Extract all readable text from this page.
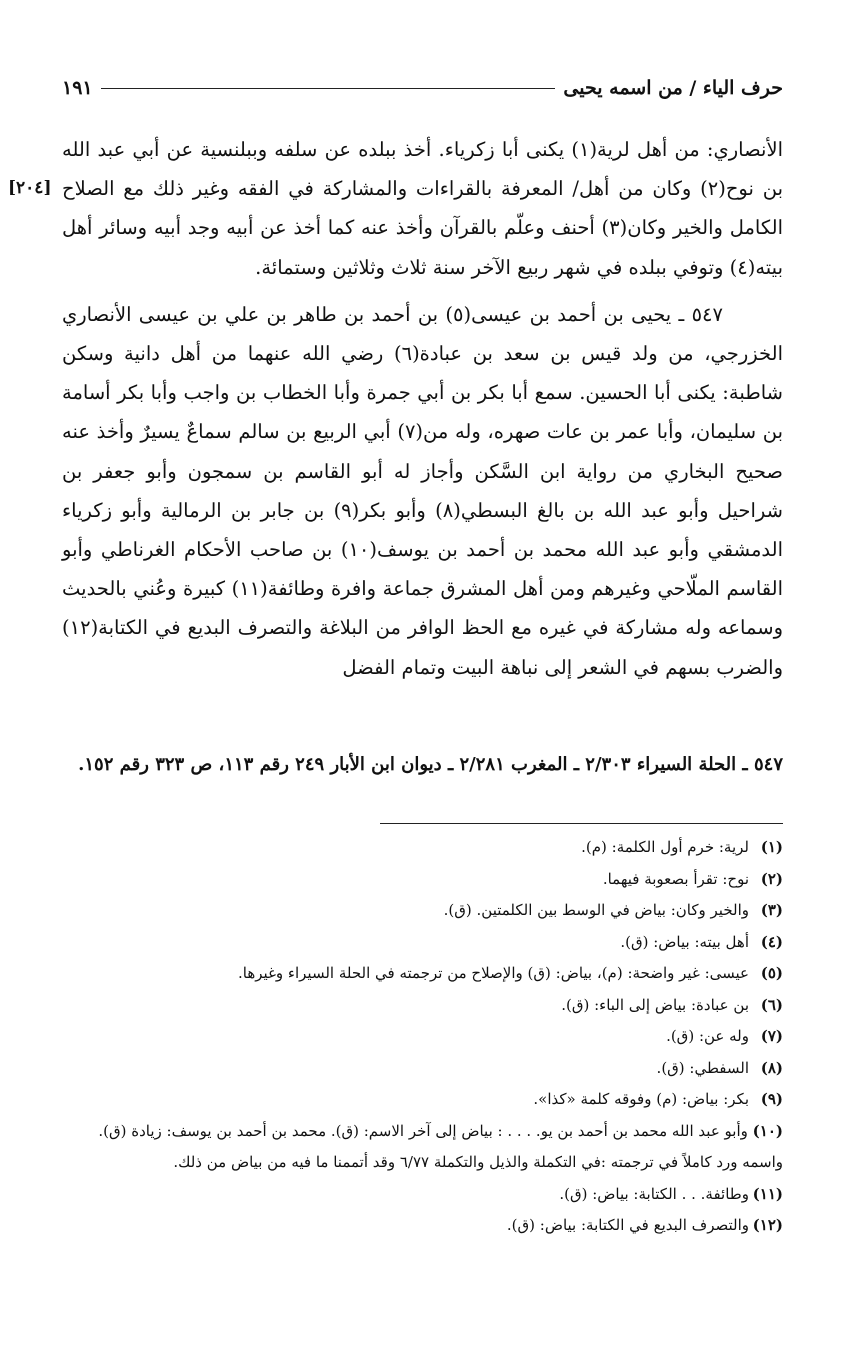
حرف الياء / من اسمه يحيى
١٩١
[٢٠٤]

الأنصاري: من أهل لرية(١) يكنى أبا زكرياء. أخذ ببلده عن سلفه وببلنسية عن أبي عبد الله بن نوح(٢) وكان من أهل/ المعرفة بالقراءات والمشاركة في الفقه وغير ذلك مع الصلاح الكامل والخير وكان(٣) أحنف وعلّم بالقرآن وأخذ عنه كما أخذ عن أبيه وجد أبيه وسائر أهل بيته(٤) وتوفي ببلده في شهر ربيع الآخر سنة ثلاث وثلاثين وستمائة.

٥٤٧ ـ يحيى بن أحمد بن عيسى(٥) بن أحمد بن طاهر بن علي بن عيسى الأنصاري الخزرجي، من ولد قيس بن سعد بن عبادة(٦) رضي الله عنهما من أهل دانية وسكن شاطبة: يكنى أبا الحسين. سمع أبا بكر بن أبي جمرة وأبا الخطاب بن واجب وأبا بكر أسامة بن سليمان، وأبا عمر بن عات صهره، وله من(٧) أبي الربيع بن سالم سماعٌ يسيرٌ وأخذ عنه صحيح البخاري من رواية ابن السَّكن وأجاز له أبو القاسم بن سمجون وأبو جعفر بن شراحيل وأبو عبد الله بن بالغ البسطي(٨) وأبو بكر(٩) بن جابر بن الرمالية وأبو زكرياء الدمشقي وأبو عبد الله محمد بن أحمد بن يوسف(١٠) بن صاحب الأحكام الغرناطي وأبو القاسم الملّاحي وغيرهم ومن أهل المشرق جماعة وافرة وطائفة(١١) كبيرة وعُني بالحديث وسماعه وله مشاركة في غيره مع الحظ الوافر من البلاغة والتصرف البديع في الكتابة(١٢) والضرب بسهم في الشعر إلى نباهة البيت وتمام الفضل

٥٤٧ ـ الحلة السيراء ٢/٣٠٣ ـ المغرب ٢/٢٨١ ـ ديوان ابن الأبار ٢٤٩ رقم ١١٣، ص ٣٢٣ رقم ١٥٢.
(١)
لرية: خرم أول الكلمة: (م).
(٢)
نوح: تقرأ بصعوبة فيهما.
(٣)
والخير وكان: بياض في الوسط بين الكلمتين. (ق).
(٤)
أهل بيته: بياض: (ق).
(٥)
عيسى: غير واضحة: (م)، بياض: (ق) والإصلاح من ترجمته في الحلة السيراء وغيرها.
(٦)
بن عبادة: بياض إلى الباء: (ق).
(٧)
وله عن: (ق).
(٨)
السفطي: (ق).
(٩)
بكر: بياض: (م) وفوقه كلمة «كذا».
(١٠) وأبو عبد الله محمد بن أحمد بن يو. . . . : بياض إلى آخر الاسم: (ق). محمد بن أحمد بن يوسف: زيادة (ق). واسمه ورد كاملاً في ترجمته :في التكملة والذيل والتكملة ٦/٧٧ وقد أتممنا ما فيه من بياض من ذلك.
(١١)
وطائفة. . . الكتابة: بياض: (ق).
(١٢)
والتصرف البديع في الكتابة: بياض: (ق).
